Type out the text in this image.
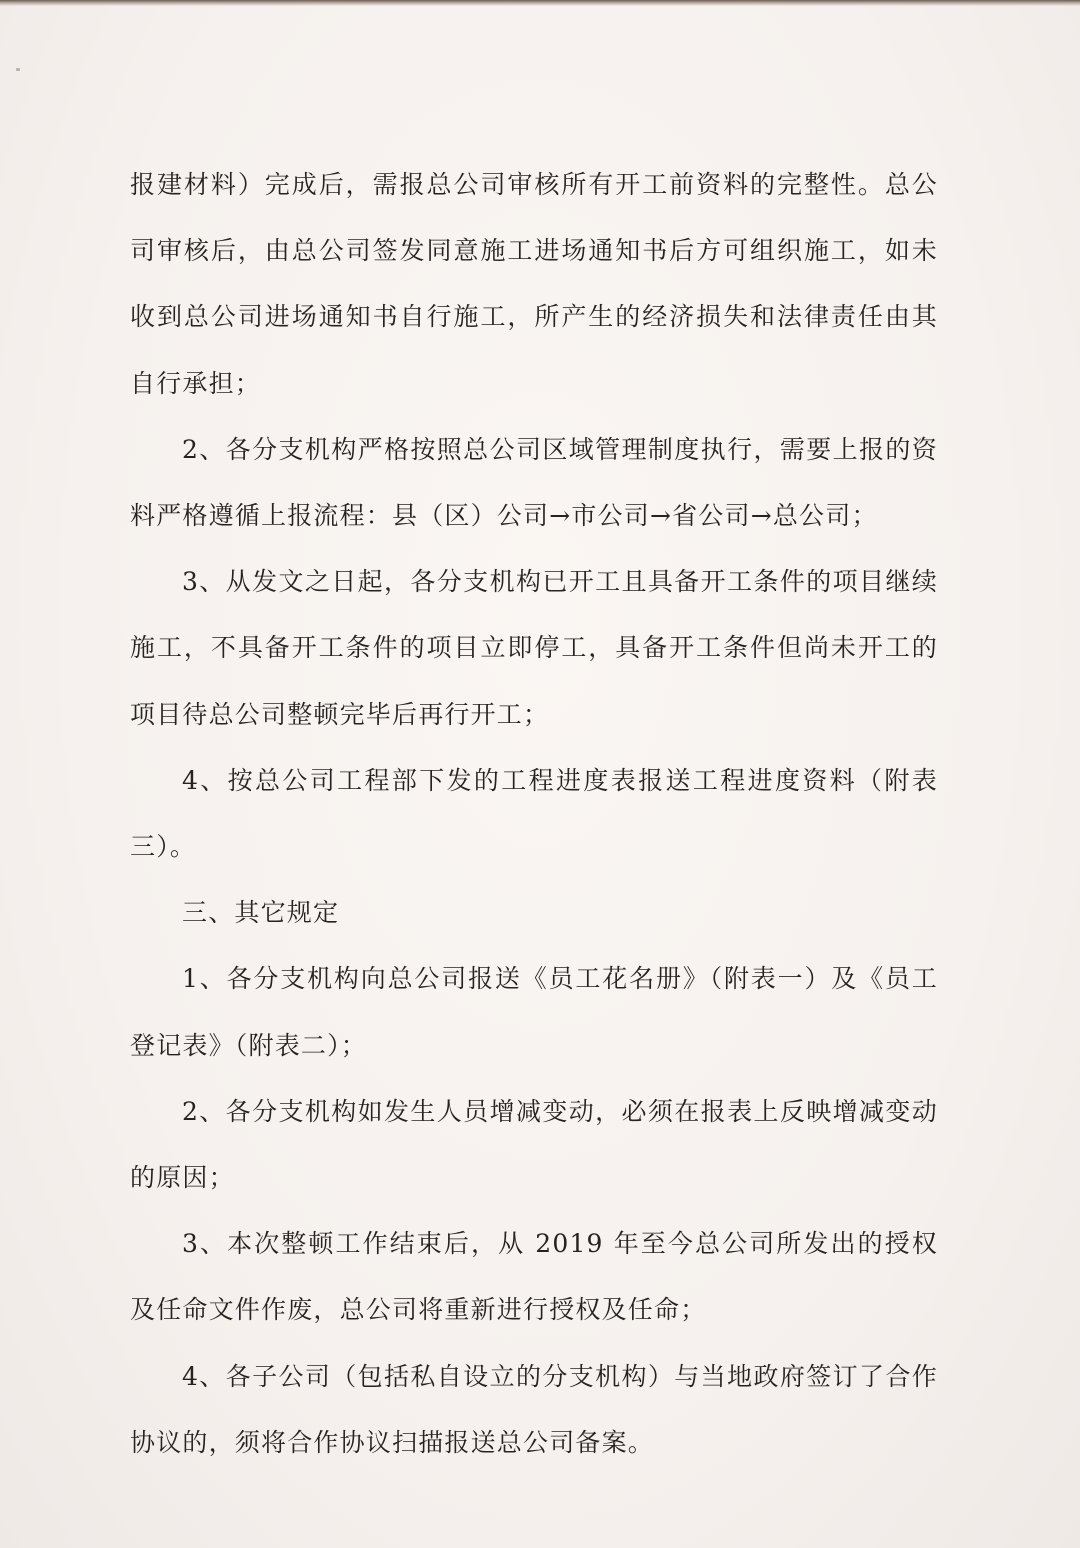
报建材料）完成后，需报总公司审核所有开工前资料的完整性。总公司审核后，由总公司签发同意施工进场通知书后方可组织施工，如未收到总公司进场通知书自行施工，所产生的经济损失和法律责任由其自行承担；

2、各分支机构严格按照总公司区域管理制度执行，需要上报的资料严格遵循上报流程：县（区）公司→市公司→省公司→总公司；

3、从发文之日起，各分支机构已开工且具备开工条件的项目继续施工，不具备开工条件的项目立即停工，具备开工条件但尚未开工的项目待总公司整顿完毕后再行开工；

4、按总公司工程部下发的工程进度表报送工程进度资料（附表三）。

三、其它规定

1、各分支机构向总公司报送《员工花名册》（附表一）及《员工登记表》（附表二）；

2、各分支机构如发生人员增减变动，必须在报表上反映增减变动的原因；

3、本次整顿工作结束后，从 2019 年至今总公司所发出的授权及任命文件作废，总公司将重新进行授权及任命；

4、各子公司（包括私自设立的分支机构）与当地政府签订了合作协议的，须将合作协议扫描报送总公司备案。
